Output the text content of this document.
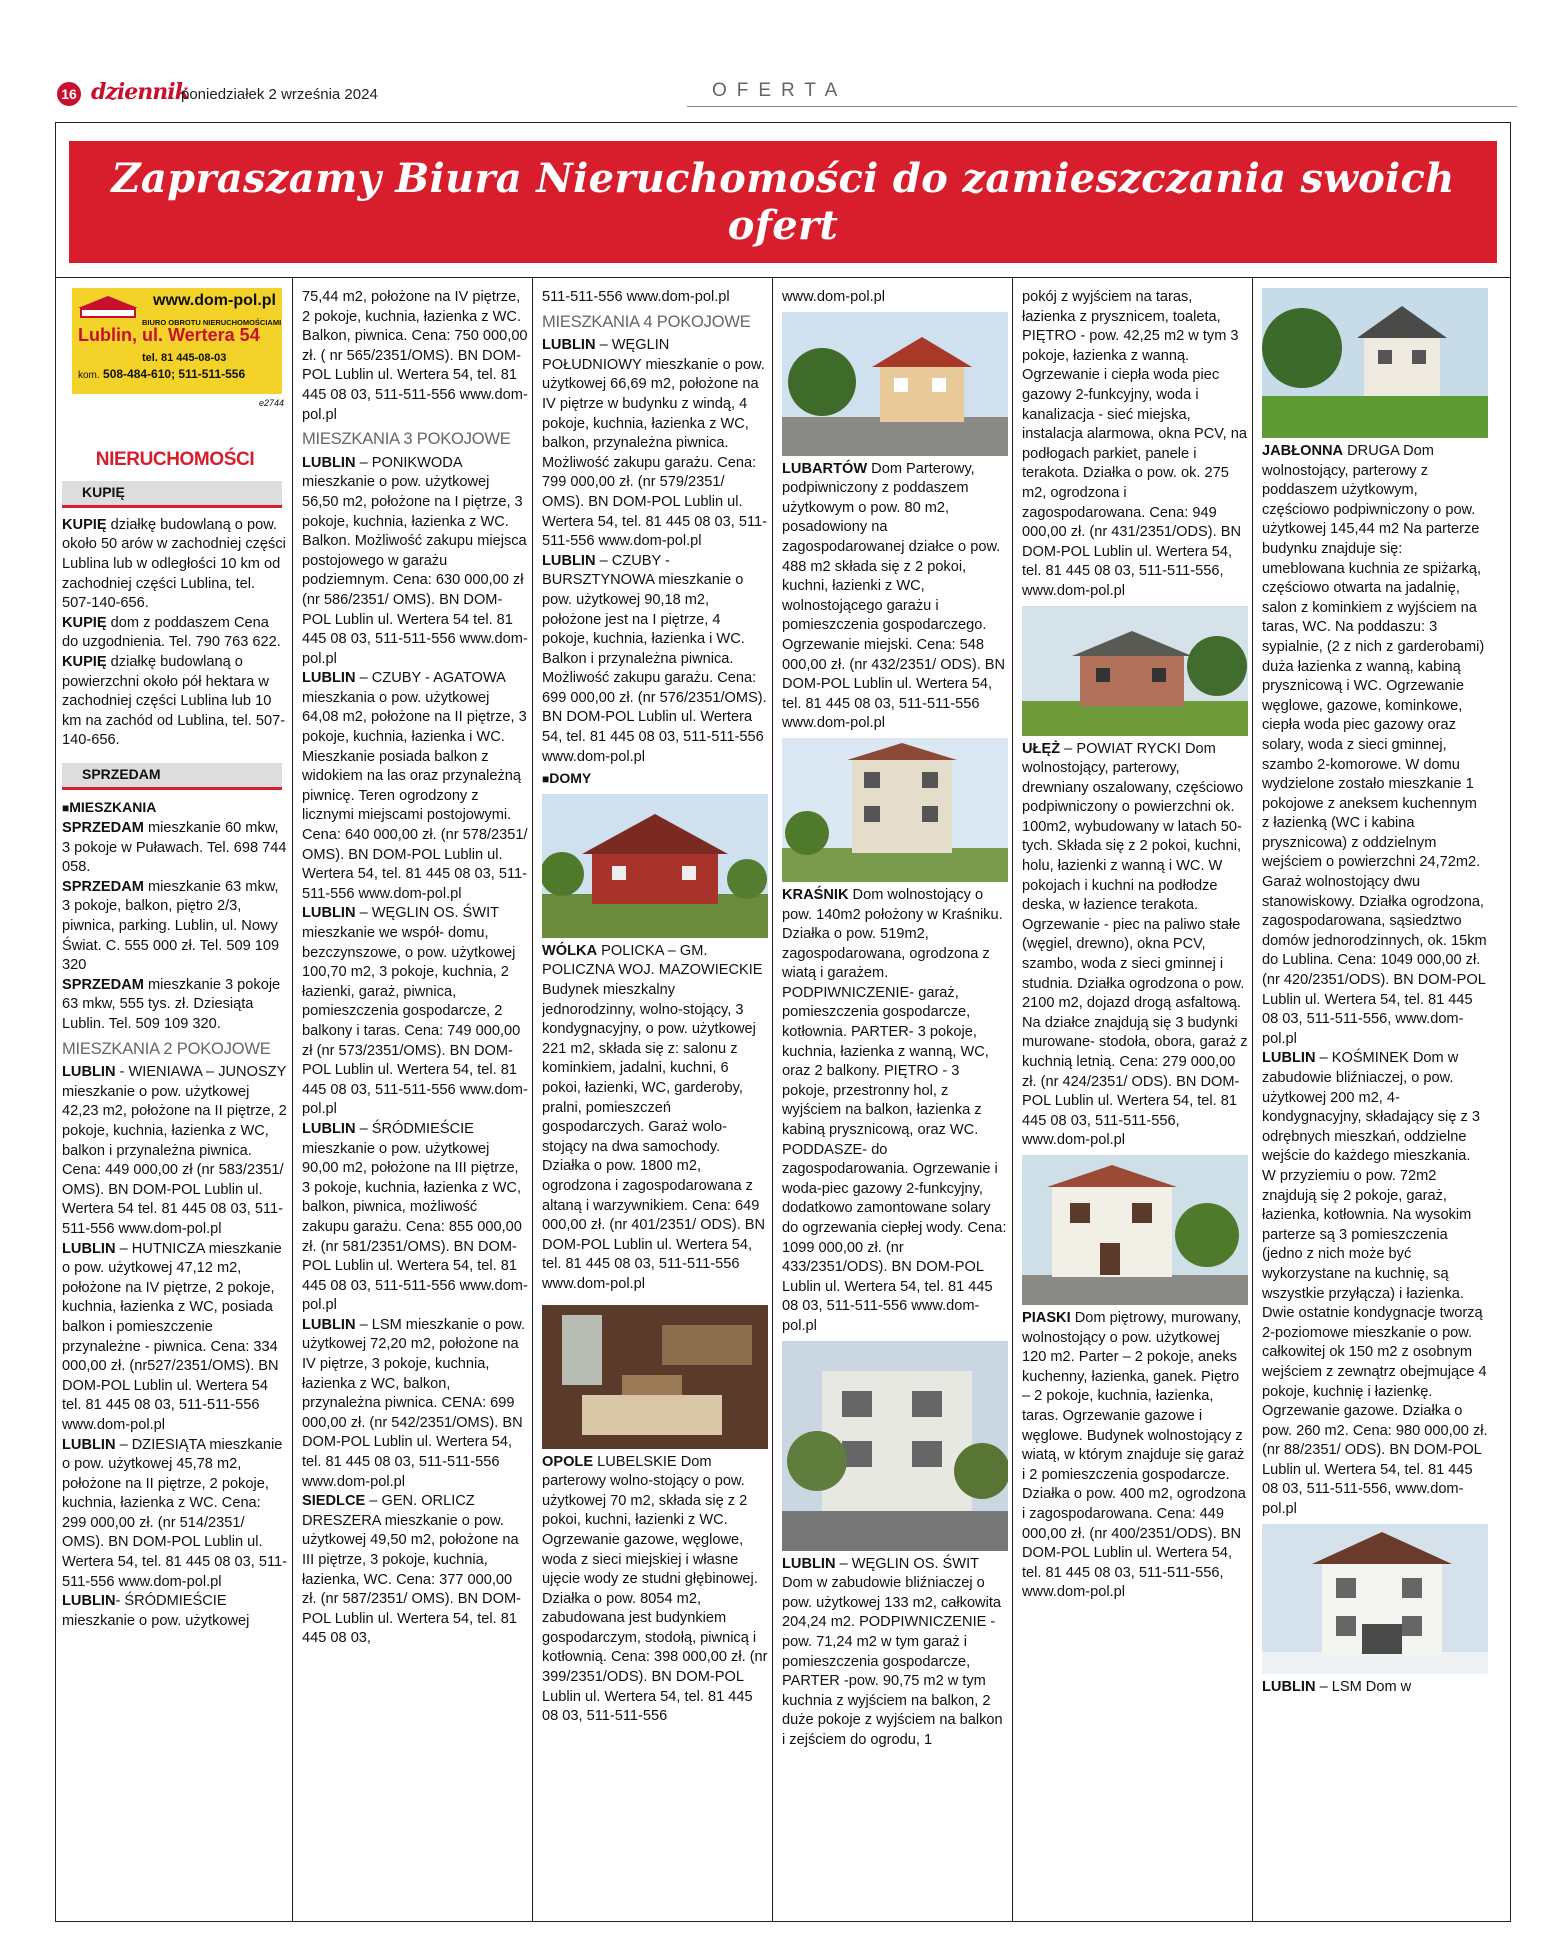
16 dziennik
poniedziałek 2 września 2024	OFERTA
Zapraszamy Biura Nieruchomości do zamieszczania swoich ofert
Atrakcyjne warunki cenowe. Szczegóły: tel. (81) 46 26 974, oferta@dziennikwschodni.pl
www.dom-pol.pl
BIURO OBROTU NIERUCHOMOŚCIAMI
Lublin, ul. Wertera 54
tel. 81 445-08-03
kom. 508-484-610; 511-511-556
e2744
NIERUCHOMOŚCI
KUPIĘ

KUPIĘ działkę budowlaną o pow. około 50 arów w zachodniej części Lublina lub w odległości 10 km od zachodniej części Lublina, tel. 507-140-656.

KUPIĘ dom z poddaszem Cena do uzgodnienia. Tel. 790 763 622.

KUPIĘ działkę budowlaną o powierzchni około pół hektara w zachodniej części Lublina lub 10 km na zachód od Lublina, tel. 507-140-656.

SPRZEDAM
■ MIESZKANIA

SPRZEDAM mieszkanie 60 mkw, 3 pokoje w Puławach. Tel. 698 744 058.

SPRZEDAM mieszkanie 63 mkw, 3 pokoje, balkon, piętro 2/3, piwnica, parking. Lublin, ul. Nowy Świat. C. 555 000 zł. Tel. 509 109 320

SPRZEDAM mieszkanie 3 pokoje 63 mkw, 555 tys. zł. Dziesiąta Lublin. Tel. 509 109 320.

MIESZKANIA 2 POKOJOWE

LUBLIN - WIENIAWA – JUNOSZY mieszkanie o pow. użytkowej 42,23 m2, położone na II piętrze, 2 pokoje, kuchnia, łazienka z WC, balkon i przynależna piwnica. Cena: 449 000,00 zł (nr 583/2351/ OMS). BN DOM-POL Lublin ul. Wertera 54 tel. 81 445 08 03, 511-511-556 www.dom-pol.pl

LUBLIN – HUTNICZA mieszkanie o pow. użytkowej 47,12 m2, położone na IV piętrze, 2 pokoje, kuchnia, łazienka z WC, posiada balkon i pomieszczenie przynależne - piwnica. Cena: 334 000,00 zł. (nr527/2351/OMS). BN DOM-POL Lublin ul. Wertera 54 tel. 81 445 08 03, 511-511-556 www.dom-pol.pl

LUBLIN – DZIESIĄTA mieszkanie o pow. użytkowej 45,78 m2, położone na II piętrze, 2 pokoje, kuchnia, łazienka z WC. Cena: 299 000,00 zł. (nr 514/2351/ OMS). BN DOM-POL Lublin ul. Wertera 54, tel. 81 445 08 03, 511-511-556 www.dom-pol.pl

LUBLIN- ŚRÓDMIEŚCIE mieszkanie o pow. użytkowej

75,44 m2, położone na IV piętrze, 2 pokoje, kuchnia, łazienka z WC. Balkon, piwnica. Cena: 750 000,00 zł. ( nr 565/2351/OMS). BN DOM-POL Lublin ul. Wertera 54, tel. 81 445 08 03, 511-511-556 www.dom-pol.pl

MIESZKANIA 3 POKOJOWE

LUBLIN – PONIKWODA mieszkanie o pow. użytkowej 56,50 m2, położone na I piętrze, 3 pokoje, kuchnia, łazienka z WC. Balkon. Możliwość zakupu miejsca postojowego w garażu podziemnym. Cena: 630 000,00 zł (nr 586/2351/ OMS). BN DOM-POL Lublin ul. Wertera 54 tel. 81 445 08 03, 511-511-556 www.dom-pol.pl

LUBLIN – CZUBY - AGATOWA mieszkania o pow. użytkowej 64,08 m2, położone na II piętrze, 3 pokoje, kuchnia, łazienka i WC. Mieszkanie posiada balkon z widokiem na las oraz przynależną piwnicę. Teren ogrodzony z licznymi miejscami postojowymi. Cena: 640 000,00 zł. (nr 578/2351/ OMS). BN DOM-POL Lublin ul. Wertera 54, tel. 81 445 08 03, 511-511-556 www.dom-pol.pl

LUBLIN – WĘGLIN OS. ŚWIT mieszkanie we współ- domu, bezczynszowe, o pow. użytkowej 100,70 m2, 3 pokoje, kuchnia, 2 łazienki, garaż, piwnica, pomieszczenia gospodarcze, 2 balkony i taras. Cena: 749 000,00 zł (nr 573/2351/OMS). BN DOM-POL Lublin ul. Wertera 54, tel. 81 445 08 03, 511-511-556 www.dom-pol.pl

LUBLIN – ŚRÓDMIEŚCIE mieszkanie o pow. użytkowej 90,00 m2, położone na III piętrze, 3 pokoje, kuchnia, łazienka z WC, balkon, piwnica, możliwość zakupu garażu. Cena: 855 000,00 zł. (nr 581/2351/OMS). BN DOM-POL Lublin ul. Wertera 54, tel. 81 445 08 03, 511-511-556 www.dom-pol.pl

LUBLIN – LSM mieszkanie o pow. użytkowej 72,20 m2, położone na IV piętrze, 3 pokoje, kuchnia, łazienka z WC, balkon, przynależna piwnica. CENA: 699 000,00 zł. (nr 542/2351/OMS). BN DOM-POL Lublin ul. Wertera 54, tel. 81 445 08 03, 511-511-556 www.dom-pol.pl

SIEDLCE – GEN. ORLICZ DRESZERA mieszkanie o pow. użytkowej 49,50 m2, położone na III piętrze, 3 pokoje, kuchnia, łazienka, WC. Cena: 377 000,00 zł. (nr 587/2351/ OMS). BN DOM-POL Lublin ul. Wertera 54, tel. 81 445 08 03,

511-511-556 www.dom-pol.pl

MIESZKANIA 4 POKOJOWE

LUBLIN – WĘGLIN POŁUDNIOWY mieszkanie o pow. użytkowej 66,69 m2, położone na IV piętrze w budynku z windą, 4 pokoje, kuchnia, łazienka z WC, balkon, przynależna piwnica. Możliwość zakupu garażu. Cena: 799 000,00 zł. (nr 579/2351/ OMS). BN DOM-POL Lublin ul. Wertera 54, tel. 81 445 08 03, 511-511-556 www.dom-pol.pl

LUBLIN – CZUBY - BURSZTYNOWA mieszkanie o pow. użytkowej 90,18 m2, położone jest na I piętrze, 4 pokoje, kuchnia, łazienka i WC. Balkon i przynależna piwnica. Możliwość zakupu garażu. Cena: 699 000,00 zł. (nr 576/2351/OMS). BN DOM-POL Lublin ul. Wertera 54, tel. 81 445 08 03, 511-511-556 www.dom-pol.pl

■ DOMY

WÓLKA POLICKA – GM. POLICZNA WOJ. MAZOWIECKIE Budynek mieszkalny jednorodzinny, wolno-stojący, 3 kondygnacyjny, o pow. użytkowej 221 m2, składa się z: salonu z kominkiem, jadalni, kuchni, 6 pokoi, łazienki, WC, garderoby, pralni, pomieszczeń gospodarczych. Garaż wolo-stojący na dwa samochody. Działka o pow. 1800 m2, ogrodzona i zagospodarowana z altaną i warzywnikiem. Cena: 649 000,00 zł. (nr 401/2351/ ODS). BN DOM-POL Lublin ul. Wertera 54, tel. 81 445 08 03, 511-511-556 www.dom-pol.pl

OPOLE LUBELSKIE Dom parterowy wolno-stojący o pow. użytkowej 70 m2, składa się z 2 pokoi, kuchni, łazienki z WC. Ogrzewanie gazowe, węglowe, woda z sieci miejskiej i własne ujęcie wody ze studni głębinowej. Działka o pow. 8054 m2, zabudowana jest budynkiem gospodarczym, stodołą, piwnicą i kotłownią. Cena: 398 000,00 zł. (nr 399/2351/ODS). BN DOM-POL Lublin ul. Wertera 54, tel. 81 445 08 03, 511-511-556

www.dom-pol.pl

LUBARTÓW Dom Parterowy, podpiwniczony z poddaszem użytkowym o pow. 80 m2, posadowiony na zagospodarowanej działce o pow. 488 m2 składa się z 2 pokoi, kuchni, łazienki z WC, wolnostojącego garażu i pomieszczenia gospodarczego. Ogrzewanie miejski. Cena: 548 000,00 zł. (nr 432/2351/ ODS). BN DOM-POL Lublin ul. Wertera 54, tel. 81 445 08 03, 511-511-556 www.dom-pol.pl

KRAŚNIK Dom wolnostojący o pow. 140m2 położony w Kraśniku. Działka o pow. 519m2, zagospodarowana, ogrodzona z wiatą i garażem. PODPIWNICZENIE- garaż, pomieszczenia gospodarcze, kotłownia. PARTER- 3 pokoje, kuchnia, łazienka z wanną, WC, oraz 2 balkony. PIĘTRO - 3 pokoje, przestronny hol, z wyjściem na balkon, łazienka z kabiną prysznicową, oraz WC. PODDASZE- do zagospodarowania. Ogrzewanie i woda-piec gazowy 2-funkcyjny, dodatkowo zamontowane solary do ogrzewania ciepłej wody. Cena: 1099 000,00 zł. (nr 433/2351/ODS). BN DOM-POL Lublin ul. Wertera 54, tel. 81 445 08 03, 511-511-556 www.dom-pol.pl

LUBLIN – WĘGLIN OS. ŚWIT Dom w zabudowie bliźniaczej o pow. użytkowej 133 m2, całkowita 204,24 m2. PODPIWNICZENIE - pow. 71,24 m2 w tym garaż i pomieszczenia gospodarcze, PARTER -pow. 90,75 m2 w tym kuchnia z wyjściem na balkon, 2 duże pokoje z wyjściem na balkon i zejściem do ogrodu, 1

pokój z wyjściem na taras, łazienka z prysznicem, toaleta, PIĘTRO - pow. 42,25 m2 w tym 3 pokoje, łazienka z wanną. Ogrzewanie i ciepła woda piec gazowy 2-funkcyjny, woda i kanalizacja - sieć miejska, instalacja alarmowa, okna PCV, na podłogach parkiet, panele i terakota. Działka o pow. ok. 275 m2, ogrodzona i zagospodarowana. Cena: 949 000,00 zł. (nr 431/2351/ODS). BN DOM-POL Lublin ul. Wertera 54, tel. 81 445 08 03, 511-511-556, www.dom-pol.pl

UŁĘŻ – POWIAT RYCKI Dom wolnostojący, parterowy, drewniany oszalowany, częściowo podpiwniczony o powierzchni ok. 100m2, wybudowany w latach 50-tych. Składa się z 2 pokoi, kuchni, holu, łazienki z wanną i WC. W pokojach i kuchni na podłodze deska, w łazience terakota. Ogrzewanie - piec na paliwo stałe (węgiel, drewno), okna PCV, szambo, woda z sieci gminnej i studnia. Działka ogrodzona o pow. 2100 m2, dojazd drogą asfaltową. Na działce znajdują się 3 budynki murowane- stodoła, obora, garaż z kuchnią letnią. Cena: 279 000,00 zł. (nr 424/2351/ ODS). BN DOM-POL Lublin ul. Wertera 54, tel. 81 445 08 03, 511-511-556, www.dom-pol.pl

PIASKI Dom piętrowy, murowany, wolnostojący o pow. użytkowej 120 m2. Parter – 2 pokoje, aneks kuchenny, łazienka, ganek. Piętro – 2 pokoje, kuchnia, łazienka, taras. Ogrzewanie gazowe i węglowe. Budynek wolnostojący z wiatą, w którym znajduje się garaż i 2 pomieszczenia gospodarcze. Działka o pow. 400 m2, ogrodzona i zagospodarowana. Cena: 449 000,00 zł. (nr 400/2351/ODS). BN DOM-POL Lublin ul. Wertera 54, tel. 81 445 08 03, 511-511-556, www.dom-pol.pl

JABŁONNA DRUGA Dom wolnostojący, parterowy z poddaszem użytkowym, częściowo podpiwniczony o pow. użytkowej 145,44 m2 Na parterze budynku znajduje się: umeblowana kuchnia ze spiżarką, częściowo otwarta na jadalnię, salon z kominkiem z wyjściem na taras, WC. Na poddaszu: 3 sypialnie, (2 z nich z garderobami) duża łazienka z wanną, kabiną prysznicową i WC. Ogrzewanie węglowe, gazowe, kominkowe, ciepła woda piec gazowy oraz solary, woda z sieci gminnej, szambo 2-komorowe. W domu wydzielone zostało mieszkanie 1 pokojowe z aneksem kuchennym z łazienką (WC i kabina prysznicowa) z oddzielnym wejściem o powierzchni 24,72m2. Garaż wolnostojący dwu stanowiskowy. Działka ogrodzona, zagospodarowana, sąsiedztwo domów jednorodzinnych, ok. 15km do Lublina. Cena: 1049 000,00 zł. (nr 420/2351/ODS). BN DOM-POL Lublin ul. Wertera 54, tel. 81 445 08 03, 511-511-556, www.dom-pol.pl

LUBLIN – KOŚMINEK Dom w zabudowie bliźniaczej, o pow. użytkowej 200 m2, 4-kondygnacyjny, składający się z 3 odrębnych mieszkań, oddzielne wejście do każdego mieszkania. W przyziemiu o pow. 72m2 znajdują się 2 pokoje, garaż, łazienka, kotłownia. Na wysokim parterze są 3 pomieszczenia (jedno z nich może być wykorzystane na kuchnię, są wszystkie przyłącza) i łazienka. Dwie ostatnie kondygnacje tworzą 2-poziomowe mieszkanie o pow. całkowitej ok 150 m2 z osobnym wejściem z zewnątrz obejmujące 4 pokoje, kuchnię i łazienkę. Ogrzewanie gazowe. Działka o pow. 260 m2. Cena: 980 000,00 zł. (nr 88/2351/ ODS). BN DOM-POL Lublin ul. Wertera 54, tel. 81 445 08 03, 511-511-556, www.dom-pol.pl

LUBLIN – LSM Dom w
